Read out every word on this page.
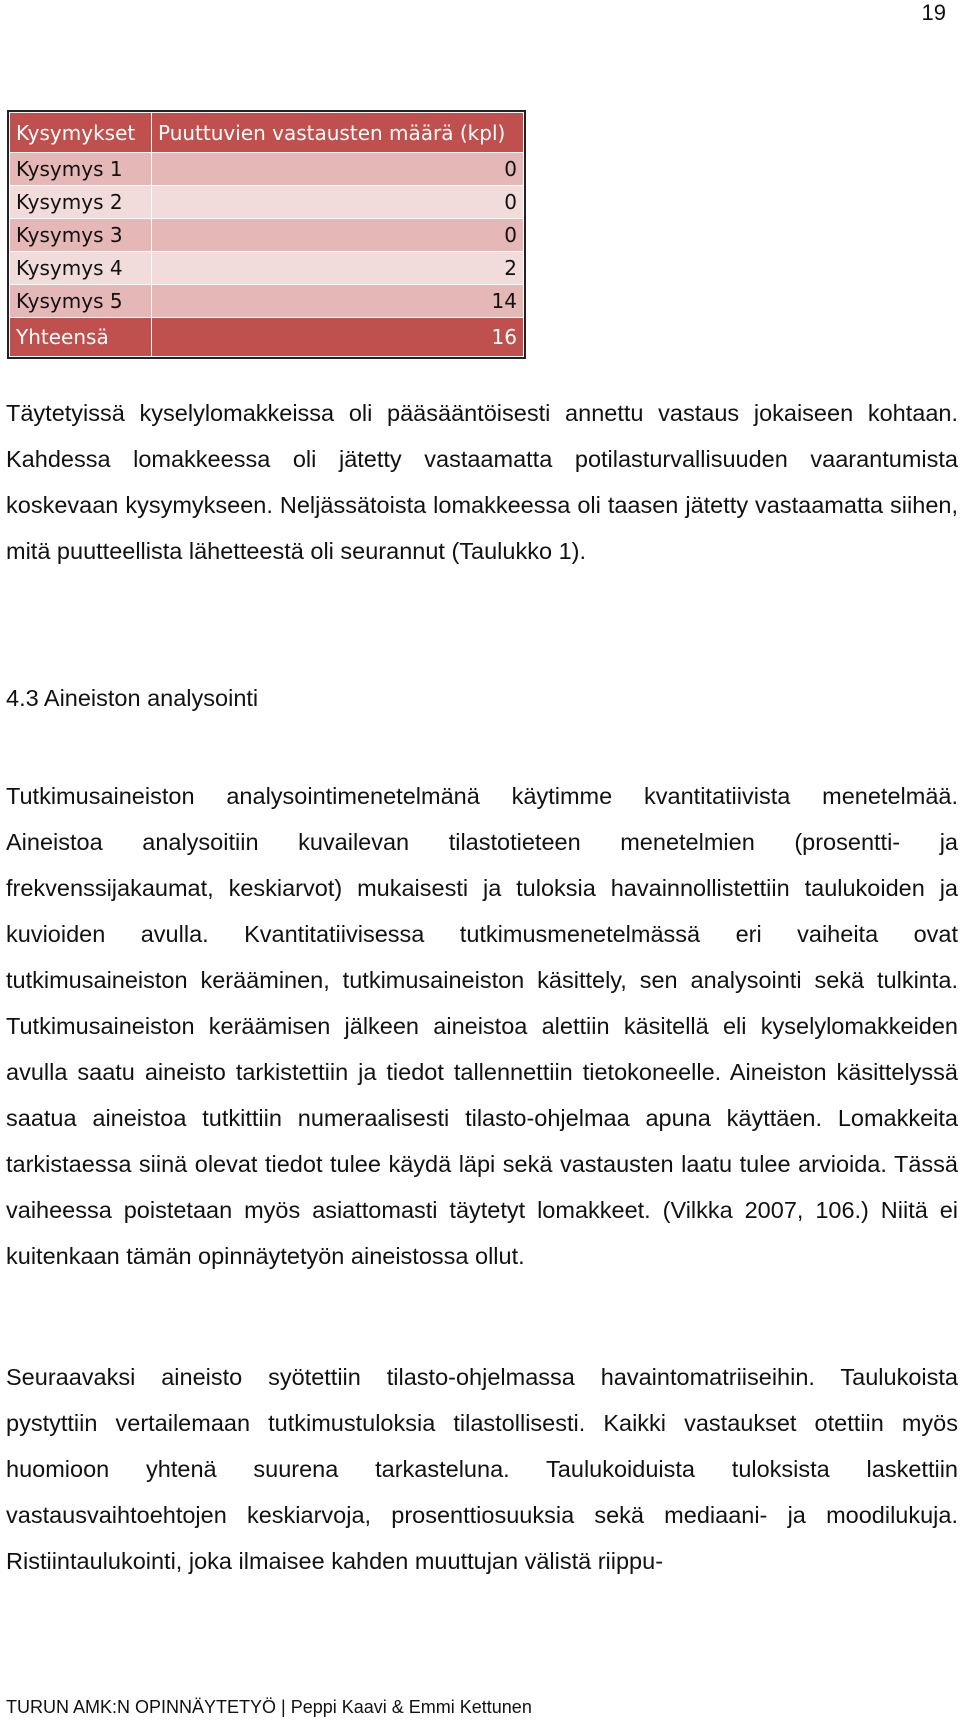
19
Kysymykset	Puuttuvien vastausten määrä (kpl)
Kysymys 1	0
Kysymys 2	0
Kysymys 3	0
Kysymys 4	2
Kysymys 5	14
Yhteensä	16
Täytetyissä kyselylomakkeissa oli pääsääntöisesti annettu vastaus jokaiseen kohtaan. Kahdessa lomakkeessa oli jätetty vastaamatta potilasturvallisuuden vaarantumista koskevaan kysymykseen. Neljässätoista lomakkeessa oli taasen jätetty vastaamatta siihen, mitä puutteellista lähetteestä oli seurannut (Taulukko 1).
4.3 Aineiston analysointi
Tutkimusaineiston analysointimenetelmänä käytimme kvantitatiivista menetelmää. Aineistoa analysoitiin kuvailevan tilastotieteen menetelmien (prosentti- ja frekvenssijakaumat, keskiarvot) mukaisesti ja tuloksia havainnollistettiin taulukoiden ja kuvioiden avulla. Kvantitatiivisessa tutkimusmenetelmässä eri vaiheita ovat tutkimusaineiston kerääminen, tutkimusaineiston käsittely, sen analysointi sekä tulkinta. Tutkimusaineiston keräämisen jälkeen aineistoa alettiin käsitellä eli kyselylomakkeiden avulla saatu aineisto tarkistettiin ja tiedot tallennettiin tietokoneelle. Aineiston käsittelyssä saatua aineistoa tutkittiin numeraalisesti tilasto-ohjelmaa apuna käyttäen. Lomakkeita tarkistaessa siinä olevat tiedot tulee käydä läpi sekä vastausten laatu tulee arvioida. Tässä vaiheessa poistetaan myös asiattomasti täytetyt lomakkeet. (Vilkka 2007, 106.) Niitä ei kuitenkaan tämän opinnäytetyön aineistossa ollut.
Seuraavaksi aineisto syötettiin tilasto-ohjelmassa havaintomatriiseihin. Taulukoista pystyttiin vertailemaan tutkimustuloksia tilastollisesti. Kaikki vastaukset otettiin myös huomioon yhtenä suurena tarkasteluna. Taulukoiduista tuloksista laskettiin vastausvaihtoehtojen keskiarvoja, prosenttiosuuksia sekä mediaani- ja moodilukuja. Ristiintaulukointi, joka ilmaisee kahden muuttujan välistä riippu-
TURUN AMK:N OPINNÄYTETYÖ | Peppi Kaavi & Emmi Kettunen
